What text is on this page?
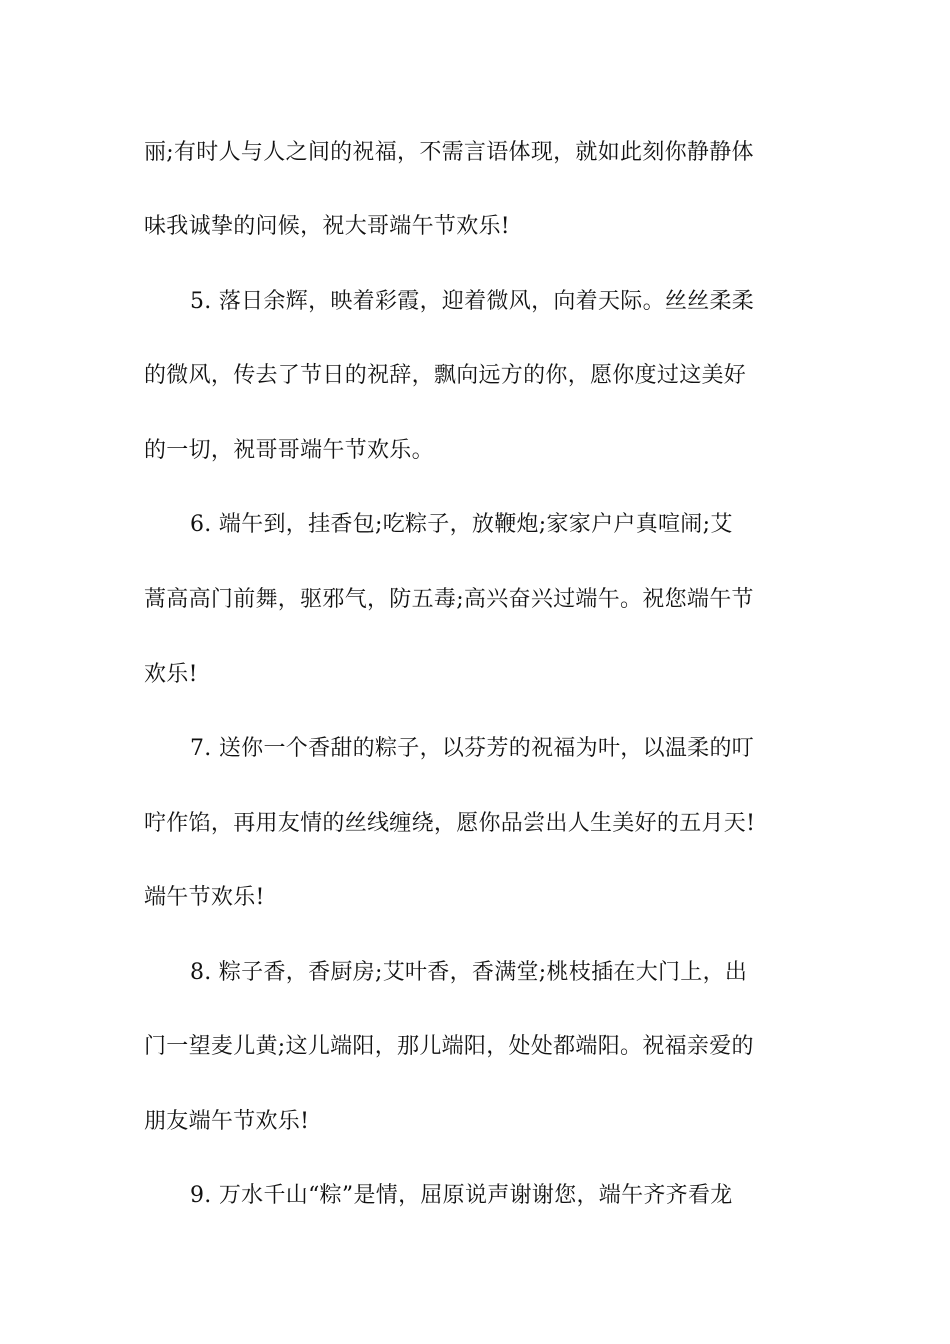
丽;有时人与人之间的祝福，不需言语体现，就如此刻你静静体
味我诚挚的问候，祝大哥端午节欢乐!
5. 落日余辉，映着彩霞，迎着微风，向着天际。丝丝柔柔
的微风，传去了节日的祝辞，飘向远方的你，愿你度过这美好
的一切，祝哥哥端午节欢乐。
6. 端午到，挂香包;吃粽子，放鞭炮;家家户户真喧闹;艾
蒿高高门前舞，驱邪气，防五毒;高兴奋兴过端午。祝您端午节
欢乐!
7. 送你一个香甜的粽子，以芬芳的祝福为叶，以温柔的叮
咛作馅，再用友情的丝线缠绕，愿你品尝出人生美好的五月天!
端午节欢乐!
8. 粽子香，香厨房;艾叶香，香满堂;桃枝插在大门上，出
门一望麦儿黄;这儿端阳，那儿端阳，处处都端阳。祝福亲爱的
朋友端午节欢乐!
9. 万水千山“粽”是情，屈原说声谢谢您，端午齐齐看龙
